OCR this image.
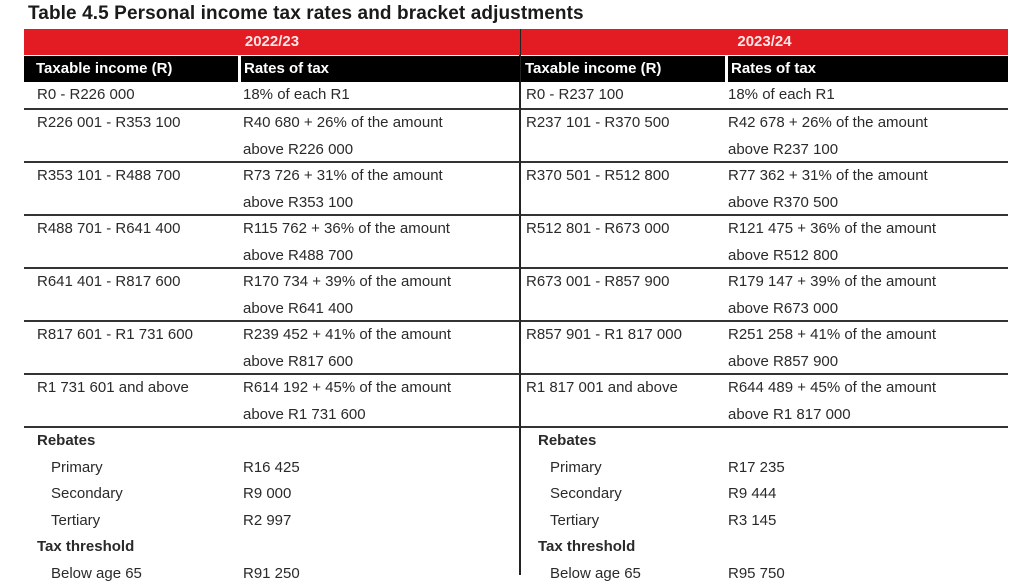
Table 4.5 Personal income tax rates and bracket adjustments
2022/23
Taxable income (R)	Rates of tax
R0 - R226 000	18% of each R1
R226 001 - R353 100	R40 680 + 26% of the amount
above R226 000
R353 101 - R488 700	R73 726 + 31% of the amount
above R353 100
R488 701 - R641 400	R115 762 + 36% of the amount
above R488 700
R641 401 - R817 600	R170 734 + 39% of the amount
above R641 400
R817 601 - R1 731 600	R239 452 + 41% of the amount
above R817 600
R1 731 601 and above	R614 192 + 45% of the amount
above R1 731 600
Rebates
Primary	R16 425
Secondary	R9 000
Tertiary	R2 997
Tax threshold
Below age 65	R91 250
2023/24
Taxable income (R)	Rates of tax
R0 - R237 100	18% of each R1
R237 101 - R370 500	R42 678 + 26% of the amount
above R237 100
R370 501 - R512 800	R77 362 + 31% of the amount
above R370 500
R512 801 - R673 000	R121 475 + 36% of the amount
above R512 800
R673 001 - R857 900	R179 147 + 39% of the amount
above R673 000
R857 901 - R1 817 000	R251 258 + 41% of the amount
above R857 900
R1 817 001 and above	R644 489 + 45% of the amount
above R1 817 000
Rebates
Primary	R17 235
Secondary	R9 444
Tertiary	R3 145
Tax threshold
Below age 65	R95 750
